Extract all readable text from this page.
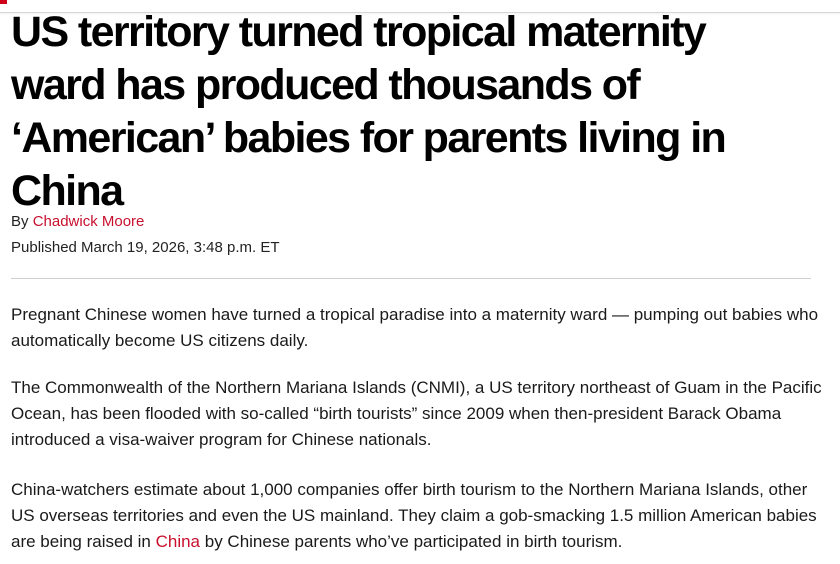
US territory turned tropical maternity ward has produced thousands of ‘American’ babies for parents living in China
By Chadwick Moore
Published March 19, 2026, 3:48 p.m. ET

Pregnant Chinese women have turned a tropical paradise into a maternity ward — pumping out babies who automatically become US citizens daily.

The Commonwealth of the Northern Mariana Islands (CNMI), a US territory northeast of Guam in the Pacific Ocean, has been flooded with so-called “birth tourists” since 2009 when then-president Barack Obama introduced a visa-waiver program for Chinese nationals.

China-watchers estimate about 1,000 companies offer birth tourism to the Northern Mariana Islands, other US overseas territories and even the US mainland. They claim a gob-smacking 1.5 million American babies are being raised in China by Chinese parents who’ve participated in birth tourism.
